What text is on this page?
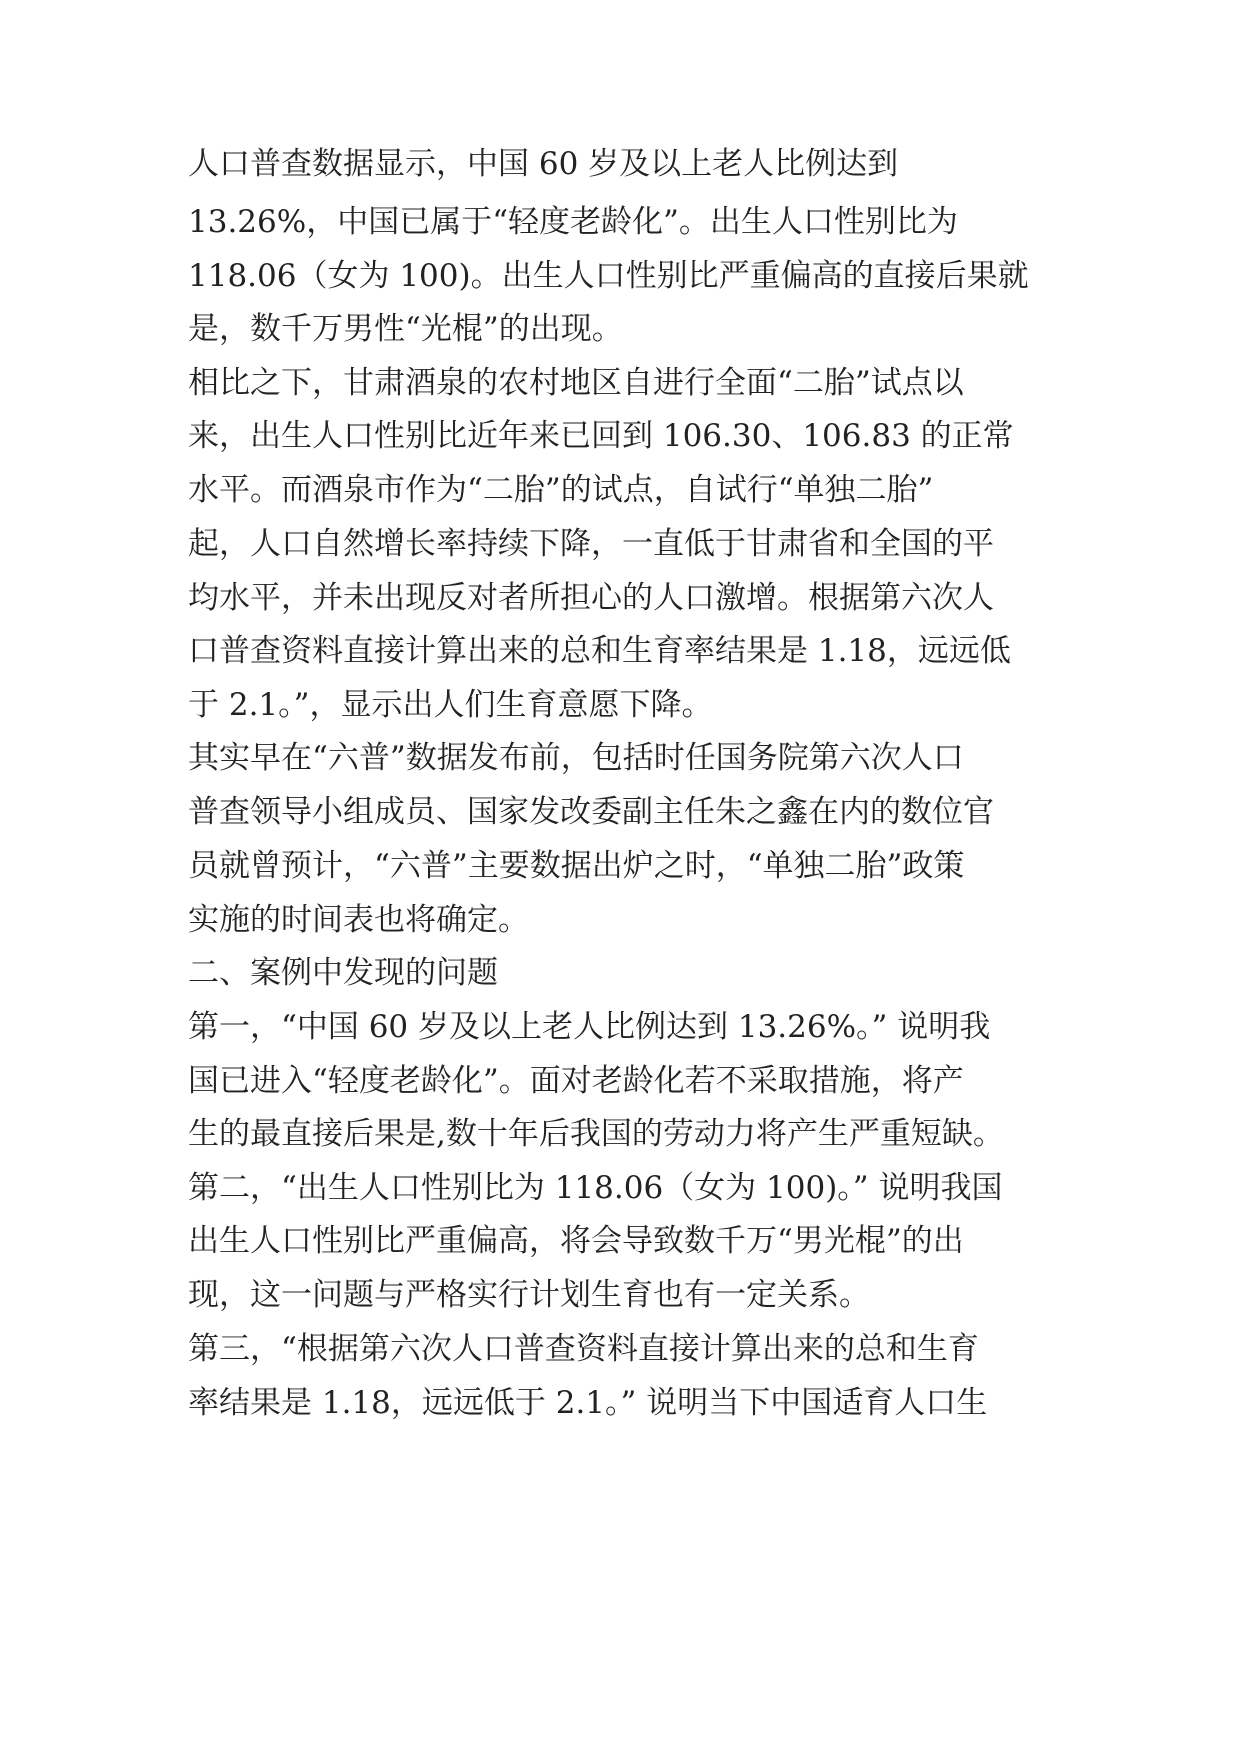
人口普查数据显示，中国 60 岁及以上老人比例达到
13.26%，中国已属于“轻度老龄化”。出生人口性别比为
118.06（女为 100)。出生人口性别比严重偏高的直接后果就
是，数千万男性“光棍”的出现。
相比之下，甘肃酒泉的农村地区自进行全面“二胎”试点以
来，出生人口性别比近年来已回到 106.30、106.83 的正常
水平。而酒泉市作为“二胎”的试点，自试行“单独二胎”
起，人口自然增长率持续下降，一直低于甘肃省和全国的平
均水平，并未出现反对者所担心的人口激增。根据第六次人
口普查资料直接计算出来的总和生育率结果是 1.18，远远低
于 2.1。”，显示出人们生育意愿下降。
其实早在“六普”数据发布前，包括时任国务院第六次人口
普查领导小组成员、国家发改委副主任朱之鑫在内的数位官
员就曾预计，“六普”主要数据出炉之时，“单独二胎”政策
实施的时间表也将确定。
二、案例中发现的问题
第一，“中国 60 岁及以上老人比例达到 13.26%。” 说明我
国已进入“轻度老龄化”。面对老龄化若不采取措施，将产
生的最直接后果是,数十年后我国的劳动力将产生严重短缺。
第二，“出生人口性别比为 118.06（女为 100)。” 说明我国
出生人口性别比严重偏高，将会导致数千万“男光棍”的出
现，这一问题与严格实行计划生育也有一定关系。
第三，“根据第六次人口普查资料直接计算出来的总和生育
率结果是 1.18，远远低于 2.1。” 说明当下中国适育人口生
